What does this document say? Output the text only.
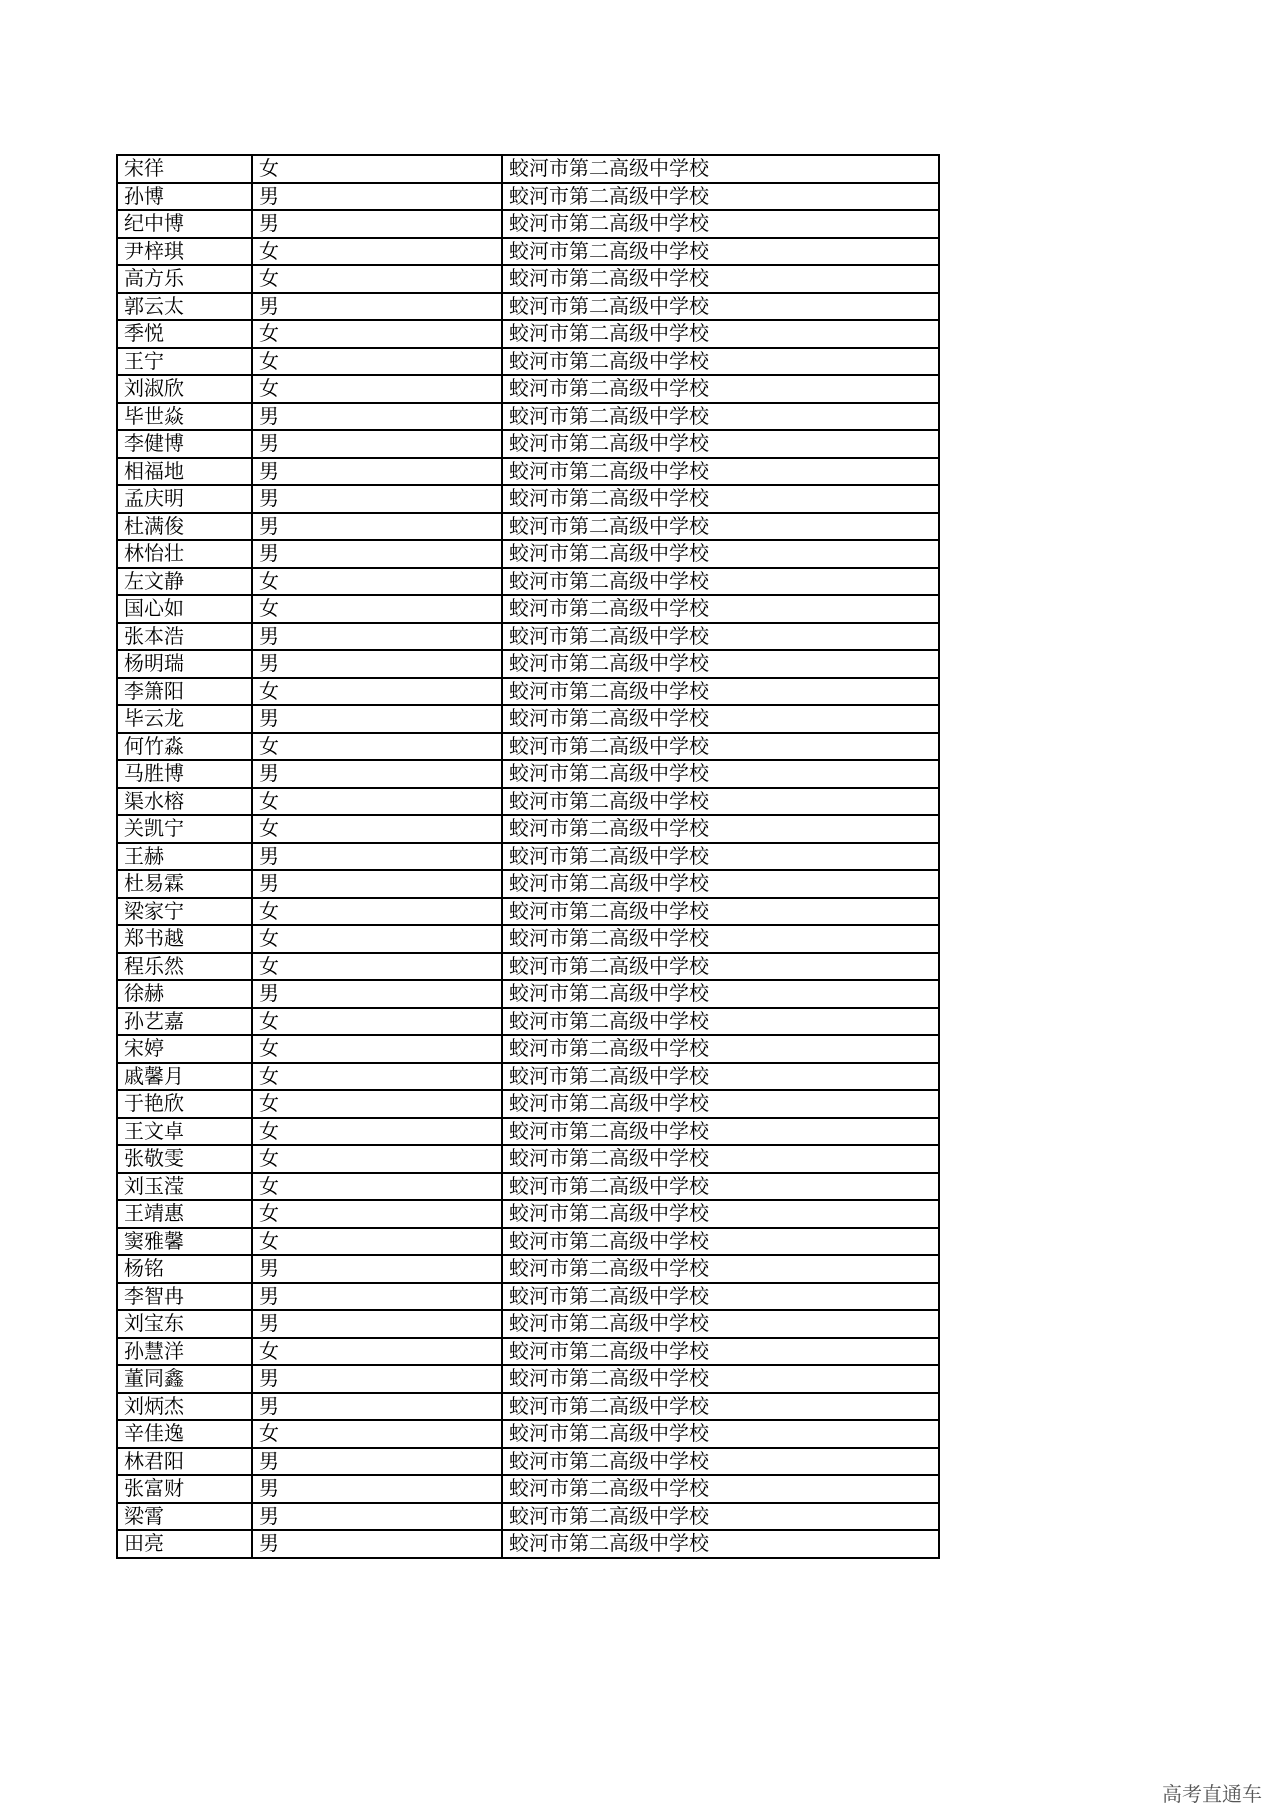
宋徉	女	蛟河市第二高级中学校
孙博	男	蛟河市第二高级中学校
纪中博	男	蛟河市第二高级中学校
尹梓琪	女	蛟河市第二高级中学校
高方乐	女	蛟河市第二高级中学校
郭云太	男	蛟河市第二高级中学校
季悦	女	蛟河市第二高级中学校
王宁	女	蛟河市第二高级中学校
刘淑欣	女	蛟河市第二高级中学校
毕世焱	男	蛟河市第二高级中学校
李健博	男	蛟河市第二高级中学校
相福地	男	蛟河市第二高级中学校
孟庆明	男	蛟河市第二高级中学校
杜满俊	男	蛟河市第二高级中学校
林怡壮	男	蛟河市第二高级中学校
左文静	女	蛟河市第二高级中学校
国心如	女	蛟河市第二高级中学校
张本浩	男	蛟河市第二高级中学校
杨明瑞	男	蛟河市第二高级中学校
李箫阳	女	蛟河市第二高级中学校
毕云龙	男	蛟河市第二高级中学校
何竹淼	女	蛟河市第二高级中学校
马胜博	男	蛟河市第二高级中学校
渠水榕	女	蛟河市第二高级中学校
关凯宁	女	蛟河市第二高级中学校
王赫	男	蛟河市第二高级中学校
杜易霖	男	蛟河市第二高级中学校
梁家宁	女	蛟河市第二高级中学校
郑书越	女	蛟河市第二高级中学校
程乐然	女	蛟河市第二高级中学校
徐赫	男	蛟河市第二高级中学校
孙艺嘉	女	蛟河市第二高级中学校
宋婷	女	蛟河市第二高级中学校
戚馨月	女	蛟河市第二高级中学校
于艳欣	女	蛟河市第二高级中学校
王文卓	女	蛟河市第二高级中学校
张敬雯	女	蛟河市第二高级中学校
刘玉滢	女	蛟河市第二高级中学校
王靖惠	女	蛟河市第二高级中学校
窦雅馨	女	蛟河市第二高级中学校
杨铭	男	蛟河市第二高级中学校
李智冉	男	蛟河市第二高级中学校
刘宝东	男	蛟河市第二高级中学校
孙慧洋	女	蛟河市第二高级中学校
董同鑫	男	蛟河市第二高级中学校
刘炳杰	男	蛟河市第二高级中学校
辛佳逸	女	蛟河市第二高级中学校
林君阳	男	蛟河市第二高级中学校
张富财	男	蛟河市第二高级中学校
梁霄	男	蛟河市第二高级中学校
田亮	男	蛟河市第二高级中学校
高考直通车
